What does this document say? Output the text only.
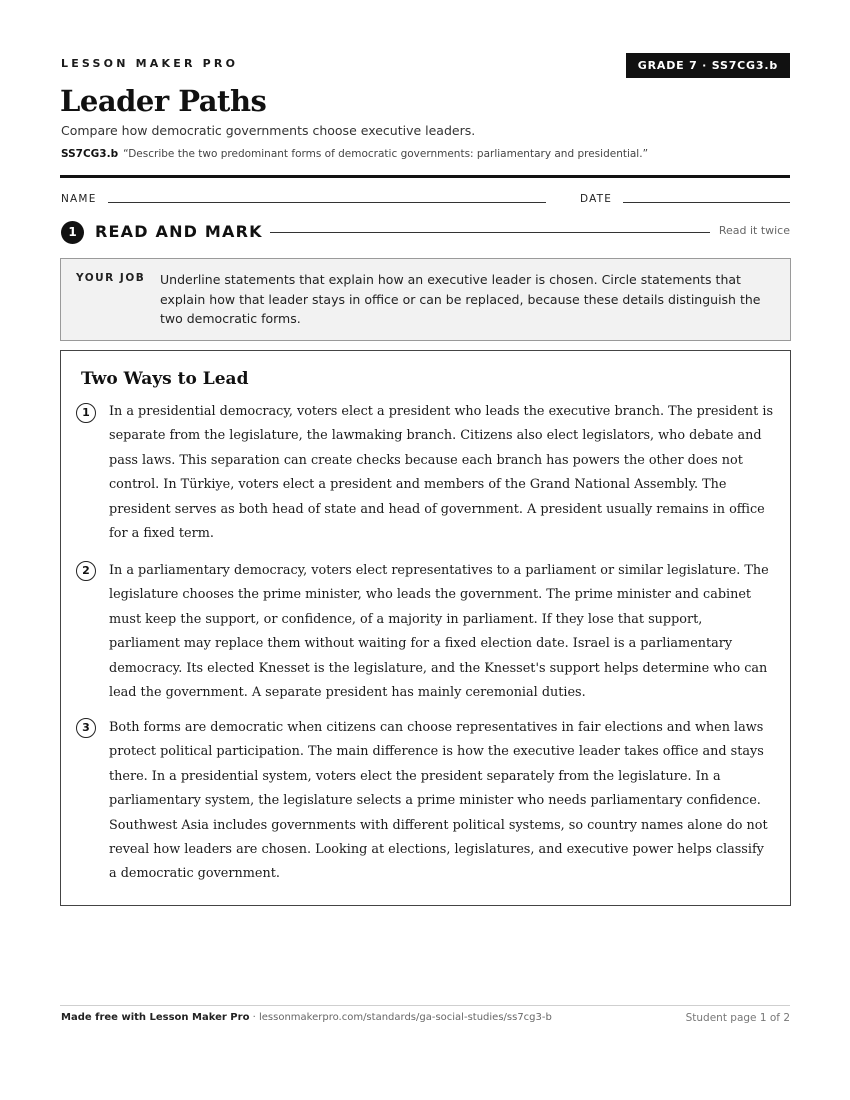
LESSON MAKER PRO	GRADE 7 · SS7CG3.b
Leader Paths
Compare how democratic governments choose executive leaders.
SS7CG3.b “Describe the two predominant forms of democratic governments: parliamentary and presidential.”
NAME	DATE
1	READ AND MARK	Read it twice
YOUR JOB Underline statements that explain how an executive leader is chosen. Circle statements that explain how that leader stays in office or can be replaced, because these details distinguish the two democratic forms.
Two Ways to Lead
1	In a presidential democracy, voters elect a president who leads the executive branch. The president is separate from the legislature, the lawmaking branch. Citizens also elect legislators, who debate and pass laws. This separation can create checks because each branch has powers the other does not control. In Türkiye, voters elect a president and members of the Grand National Assembly. The president serves as both head of state and head of government. A president usually remains in office for a fixed term.
2	In a parliamentary democracy, voters elect representatives to a parliament or similar legislature. The legislature chooses the prime minister, who leads the government. The prime minister and cabinet must keep the support, or confidence, of a majority in parliament. If they lose that support, parliament may replace them without waiting for a fixed election date. Israel is a parliamentary democracy. Its elected Knesset is the legislature, and the Knesset's support helps determine who can lead the government. A separate president has mainly ceremonial duties.
3	Both forms are democratic when citizens can choose representatives in fair elections and when laws protect political participation. The main difference is how the executive leader takes office and stays there. In a presidential system, voters elect the president separately from the legislature. In a parliamentary system, the legislature selects a prime minister who needs parliamentary confidence. Southwest Asia includes governments with different political systems, so country names alone do not reveal how leaders are chosen. Looking at elections, legislatures, and executive power helps classify a democratic government.
Made free with Lesson Maker Pro · lessonmakerpro.com/standards/ga-social-studies/ss7cg3-b	Student page 1 of 2
